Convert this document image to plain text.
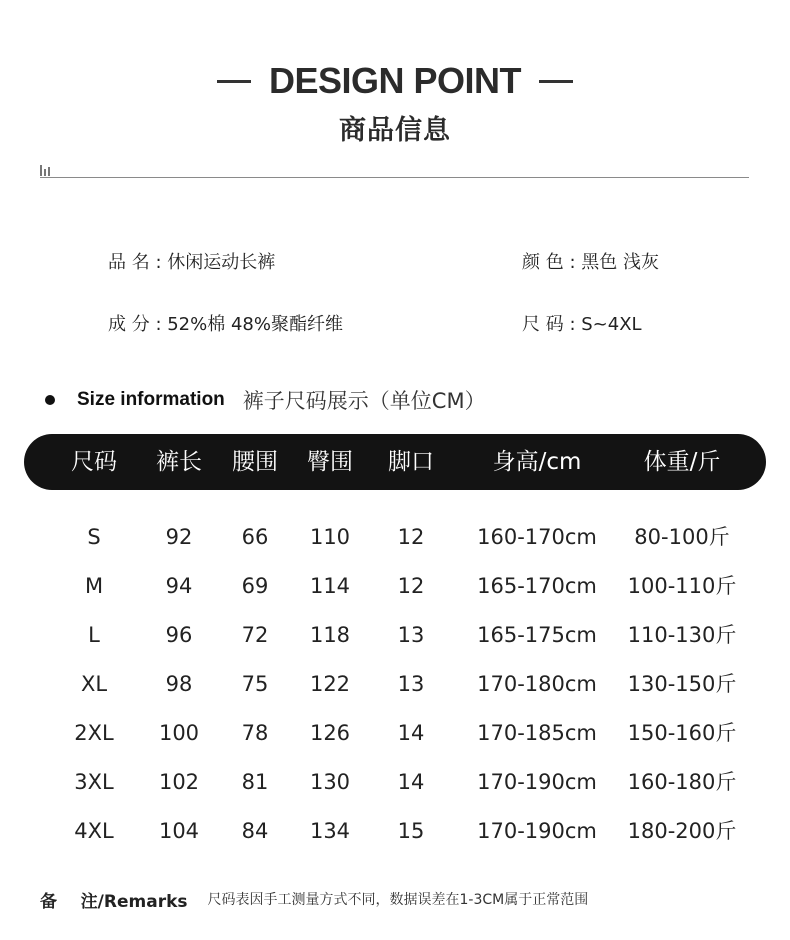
DESIGN POINT
商品信息
品 名 : 休闲运动长裤	颜 色 : 黑色 浅灰
成 分 : 52%棉 48%聚酯纤维	尺 码 : S~4XL
Size information 裤子尺码展示（单位CM）
尺码 裤长 腰围 臀围 脚口	身高/cm	体重/斤
S	92 66 110 12	160-170cm 80-100斤
M	94 69 114 12	165-170cm 100-110斤
L	96 72 118 13	165-175cm 110-130斤
XL	98 75 122 13	170-180cm 130-150斤
2XL 100 78 126 14	170-185cm 150-160斤
3XL 102 81 130 14	170-190cm 160-180斤
4XL 104 84 134 15	170-190cm 180-200斤
备    注/Remarks 尺码表因手工测量方式不同，数据误差在1-3CM属于正常范围
